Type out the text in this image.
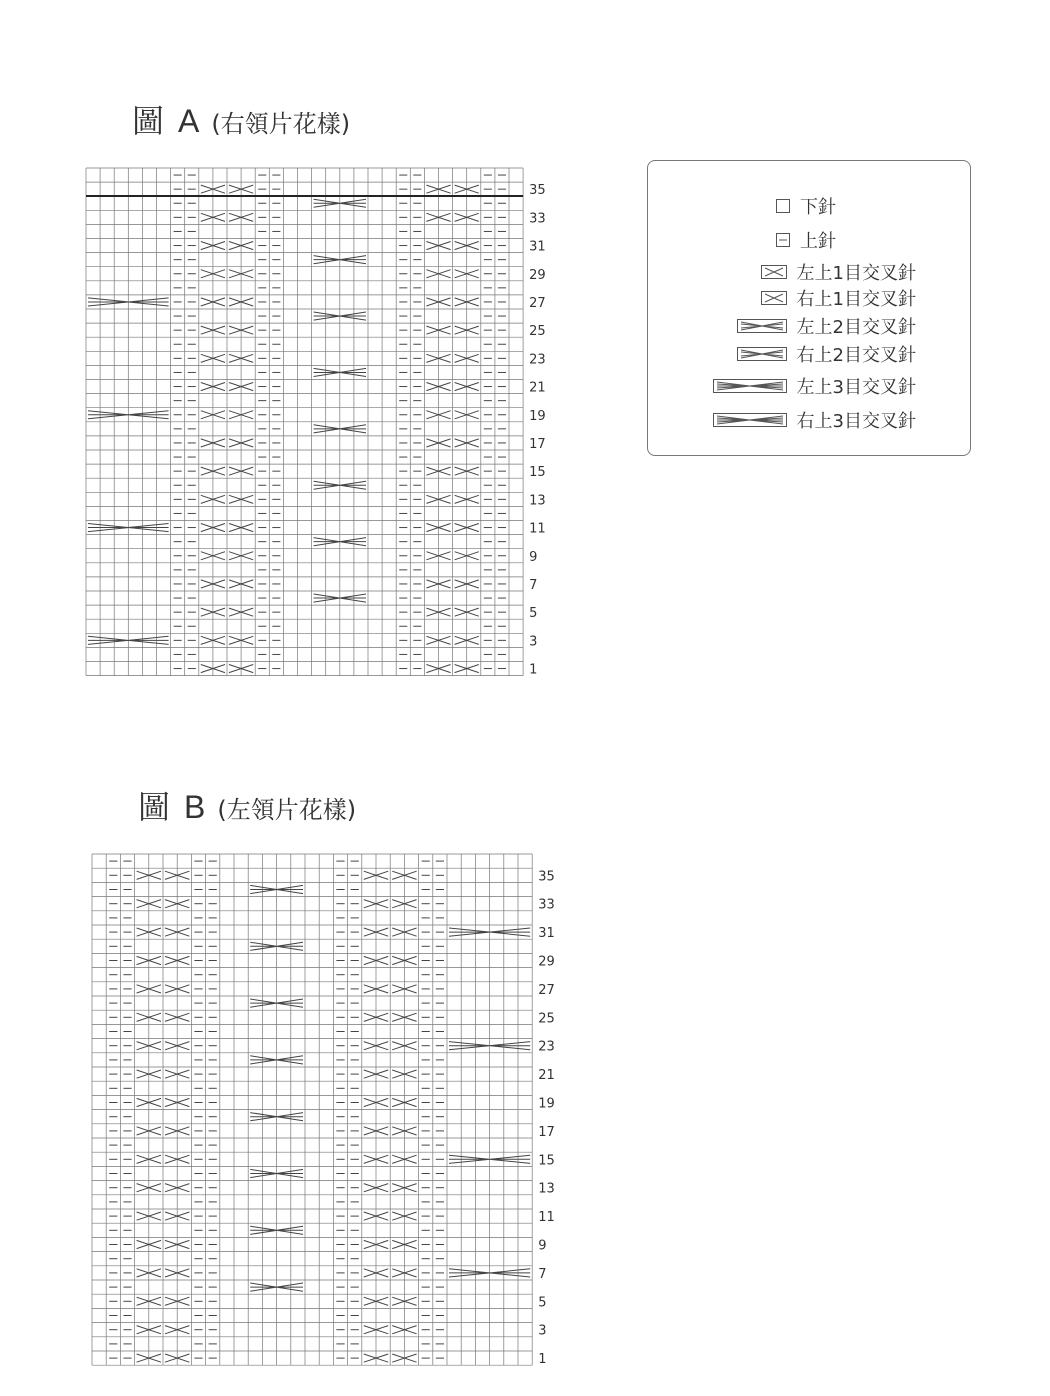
圖 A (右領片花樣)
35
33
31
29
27
25
23
21
19
17
15
13
11
9
7
5
3
1
圖 B (左領片花樣)
35
33
31
29
27
25
23
21
19
17
15
13
11
9
7
5
3
1
下針
上針
左上1目交叉針
右上1目交叉針
左上2目交叉針
右上2目交叉針
左上3目交叉針
右上3目交叉針
